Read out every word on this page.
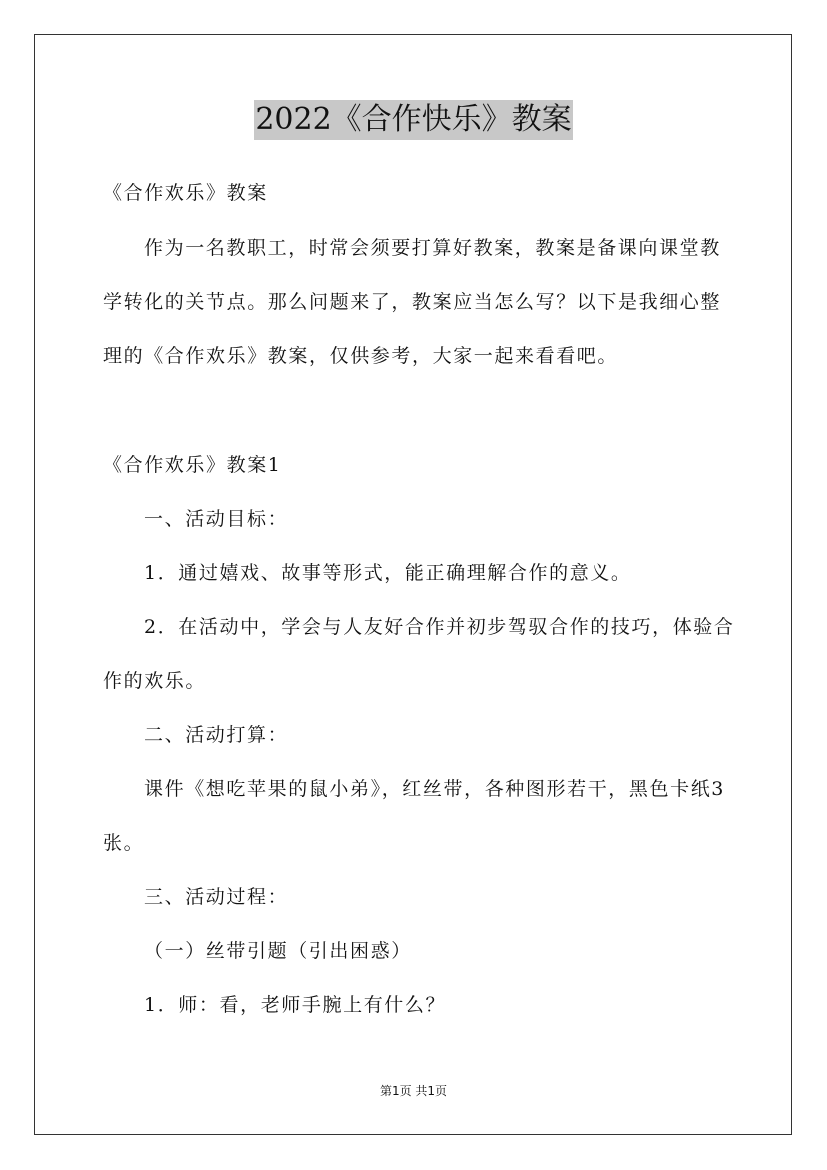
2022《合作快乐》教案
《合作欢乐》教案
作为一名教职工，时常会须要打算好教案，教案是备课向课堂教
学转化的关节点。那么问题来了，教案应当怎么写？以下是我细心整
理的《合作欢乐》教案，仅供参考，大家一起来看看吧。
《合作欢乐》教案1
一、活动目标：
1．通过嬉戏、故事等形式，能正确理解合作的意义。
2．在活动中，学会与人友好合作并初步驾驭合作的技巧，体验合
作的欢乐。
二、活动打算：
课件《想吃苹果的鼠小弟》，红丝带，各种图形若干，黑色卡纸3
张。
三、活动过程：
（一）丝带引题（引出困惑）
1．师：看，老师手腕上有什么？
第1页 共1页
